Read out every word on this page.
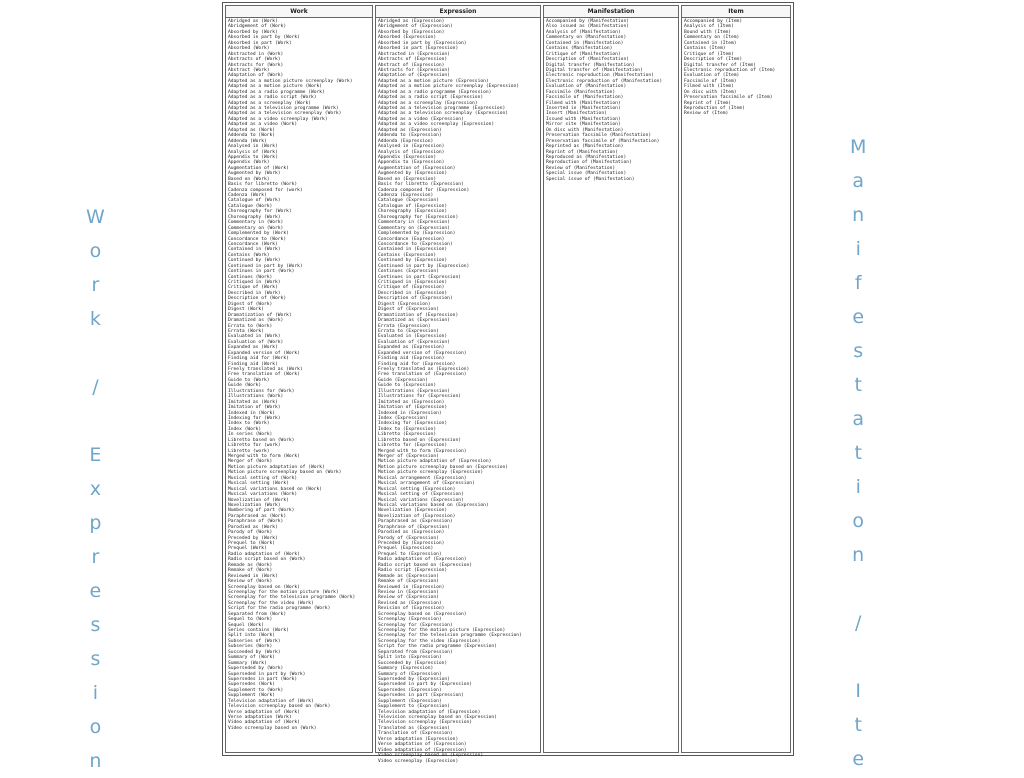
W
o
r
k

/

E
x
p
r
e
s
s
i
o
n
M
a
n
i
f
e
s
t
a
t
i
o
n

/

I
t
e
Work
Abridged as (Work)
Abridgement of (Work)
Absorbed by (Work)
Absorbed in part by (Work)
Absorbed in part (Work)
Absorbed (Work)
Abstracted in (Work)
Abstracts of (Work)
Abstracts for (Work)
Abstract (Work)
Adaptation of (Work)
Adapted as a motion picture screenplay (Work)
Adapted as a motion picture (Work)
Adapted as a radio programme (Work)
Adapted as a radio script (Work)
Adapted as a screenplay (Work)
Adapted as a television programme (Work)
Adapted as a television screenplay (Work)
Adapted as a video screenplay (Work)
Adapted as a video (Work)
Adapted as (Work)
Addenda to (Work)
Addenda (Work)
Analysed in (Work)
Analysis of (Work)
Appendix to (Work)
Appendix (Work)
Augmentation of (Work)
Augmented by (Work)
Based on (Work)
Basis for libretto (Work)
Cadenza composed for (work)
Cadenza (Work)
Catalogue of (Work)
Catalogue (Work)
Choreography for (Work)
Choreography (Work)
Commentary in (Work)
Commentary on (Work)
Complemented by (Work)
Concordance to (Work)
Concordance (Work)
Contained in (Work)
Contains (Work)
Continued by (Work)
Continued in part by (Work)
Continues in part (Work)
Continues (Work)
Critiqued in (Work)
Critique of (Work)
Described in (Work)
Description of (Work)
Digest of (Work)
Digest (Work)
Dramatization of (Work)
Dramatized as (Work)
Errata to (Work)
Errata (Work)
Evaluated in (Work)
Evaluation of (Work)
Expanded as (Work)
Expanded version of (Work)
Finding aid for (Work)
Finding aid (Work)
Freely translated as (Work)
Free translation of (Work)
Guide to (Work)
Guide (Work)
Illustrations for (Work)
Illustrations (Work)
Imitated as (Work)
Imitation of (Work)
Indexed in (Work)
Indexing for (Work)
Index to (Work)
Index (Work)
In series (Work)
Libretto based on (Work)
Libretto for (work)
Libretto (work)
Merged with to form (Work)
Merger of (Work)
Motion picture adaptation of (Work)
Motion picture screenplay based on (Work)
Musical setting of (Work)
Musical setting (Work)
Musical variations based on (Work)
Musical variations (Work)
Novelization of (Work)
Novelization (Work)
Numbering of part (Work)
Paraphrased as (Work)
Paraphrase of (Work)
Parodied as (Work)
Parody of (Work)
Preceded by (Work)
Prequel to (Work)
Prequel (Work)
Radio adaptation of (Work)
Radio script based on (Work)
Remade as (Work)
Remake of (Work)
Reviewed in (Work)
Review of (Work)
Screenplay based on (Work)
Screenplay for the motion picture (Work)
Screenplay for the television programme (Work)
Screenplay for the video (Work)
Script for the radio programme (Work)
Separated from (Work)
Sequel to (Work)
Sequel (Work)
Series contains (Work)
Split into (Work)
Subseries of (Work)
Subseries (Work)
Succeeded by (Work)
Summary of (Work)
Summary (Work)
Superseded by (Work)
Superseded in part by (Work)
Supersedes in part (Work)
Supersedes (Work)
Supplement to (Work)
Supplement (Work)
Television adaptation of (Work)
Television screenplay based on (Work)
Verse adaptation of (Work)
Verse adaptation (Work)
Video adaptation of (Work)
Video screenplay based on (Work)
Expression
Abridged as (Expression)
Abridgement of (Expression)
Absorbed by (Expression)
Absorbed (Expression)
Absorbed in part by (Expression)
Absorbed in part (Expression)
Abstracted in (Expression)
Abstracts of (Expression)
Abstract of (Expression)
Abstracts for (Expression)
Adaptation of (Expression)
Adapted as a motion picture (Expression)
Adapted as a motion picture screenplay (Expression)
Adapted as a radio programme (Expression)
Adapted as a radio script (Expression)
Adapted as a screenplay (Expression)
Adapted as a television programme (Expression)
Adapted as a television screenplay (Expression)
Adapted as a video (Expression)
Adapted as a video screenplay (Expression)
Adapted as (Expression)
Addenda to (Expression)
Addenda (Expression)
Analysed in (Expression)
Analysis of (Expression)
Appendix (Expression)
Appendix to (Expression)
Augmentation of (Expression)
Augmented by (Expression)
Based on (Expression)
Basis for libretto (Expression)
Cadenza composed for (Expression)
Cadenza (Expression)
Catalogue (Expression)
Catalogue of (Expression)
Choreography (Expression)
Choreography for (Expression)
Commentary in (Expression)
Commentary on (Expression)
Complemented by (Expression)
Concordance (Expression)
Concordance to (Expression)
Contained in (Expression)
Contains (Expression)
Continued by (Expression)
Continued in part by (Expression)
Continues (Expression)
Continues in part (Expression)
Critiqued in (Expression)
Critique of (Expression)
Described in (Expression)
Description of (Expression)
Digest (Expression)
Digest of (Expression)
Dramatization of (Expression)
Dramatized as (Expression)
Errata (Expression)
Errata to (Expression)
Evaluated in (Expression)
Evaluation of (Expression)
Expanded as (Expression)
Expanded version of (Expression)
Finding aid (Expression)
Finding aid for (Expression)
Freely translated as (Expression)
Free translation of (Expression)
Guide (Expression)
Guide to (Expression)
Illustrations (Expression)
Illustrations for (Expression)
Imitated as (Expression)
Imitation of (Expression)
Indexed in (Expression)
Index (Expression)
Indexing for (Expression)
Index to (Expression)
Libretto (Expression)
Libretto based on (Expression)
Libretto for (Expression)
Merged with to form (Expression)
Merger of (Expression)
Motion picture adaptation of (Expression)
Motion picture screenplay based on (Expression)
Motion picture screenplay (Expression)
Musical arrangement (Expression)
Musical arrangement of (Expression)
Musical setting (Expression)
Musical setting of (Expression)
Musical variations (Expression)
Musical variations based on (Expression)
Novelization (Expression)
Novelization of (Expression)
Paraphrased as (Expression)
Paraphrase of (Expression)
Parodied as (Expression)
Parody of (Expression)
Preceded by (Expression)
Prequel (Expression)
Prequel to (Expression)
Radio adaptation of (Expression)
Radio script based on (Expression)
Radio script (Expression)
Remade as (Expression)
Remake of (Expression)
Reviewed in (Expression)
Review in (Expression)
Review of (Expression)
Revised as (Expression)
Revision of (Expression)
Screenplay based on (Expression)
Screenplay (Expression)
Screenplay for (Expression)
Screenplay for the motion picture (Expression)
Screenplay for the television programme (Expression)
Screenplay for the video (Expression)
Script for the radio programme (Expression)
Separated from (Expression)
Split into (Expression)
Succeeded by (Expression)
Summary (Expression)
Summary of (Expression)
Superseded by (Expression)
Superseded in part by (Expression)
Supersedes (Expression)
Supersedes in part (Expression)
Supplement (Expression)
Supplement to (Expression)
Television adaptation of (Expression)
Television screenplay based on (Expression)
Television screenplay (Expression)
Translated as (Expression)
Translation of (Expression)
Verse adaptation (Expression)
Verse adaptation of (Expression)
Video adaptation of (Expression)
Video screenplay based on (Expression)
Video screenplay (Expression)
Manifestation
Accompanied by (Manifestation)
Also issued as (Manifestation)
Analysis of (Manifestation)
Commentary on (Manifestation)
Contained in (Manifestation)
Contains (Manifestation)
Critique of (Manifestation)
Description of (Manifestation)
Digital transfer (Manifestation)
Digital transfer of (Manifestation)
Electronic reproduction (Manifestation)
Electronic reproduction of (Manifestation)
Evaluation of (Manifestation)
Facsimile (Manifestation)
Facsimile of (Manifestation)
Filmed with (Manifestation)
Inserted in (Manifestation)
Insert (Manifestation)
Issued with (Manifestation)
Mirror site (Manifestation)
On disc with (Manifestation)
Preservation facsimile (Manifestation)
Preservation facsimile of (Manifestation)
Reprinted as (Manifestation)
Reprint of (Manifestation)
Reproduced as (Manifestation)
Reproduction of (Manifestation)
Review of (Manifestation)
Special issue (Manifestation)
Special issue of (Manifestation)
Item
Accompanied by (Item)
Analysis of (Item)
Bound with (Item)
Commentary on (Item)
Contained in (Item)
Contains (Item)
Critique of (Item)
Description of (Item)
Digital transfer of (Item)
Electronic reproduction of (Item)
Evaluation of (Item)
Facsimile of (Item)
Filmed with (Item)
On disc with (Item)
Preservation facsimile of (Item)
Reprint of (Item)
Reproduction of (Item)
Review of (Item)
